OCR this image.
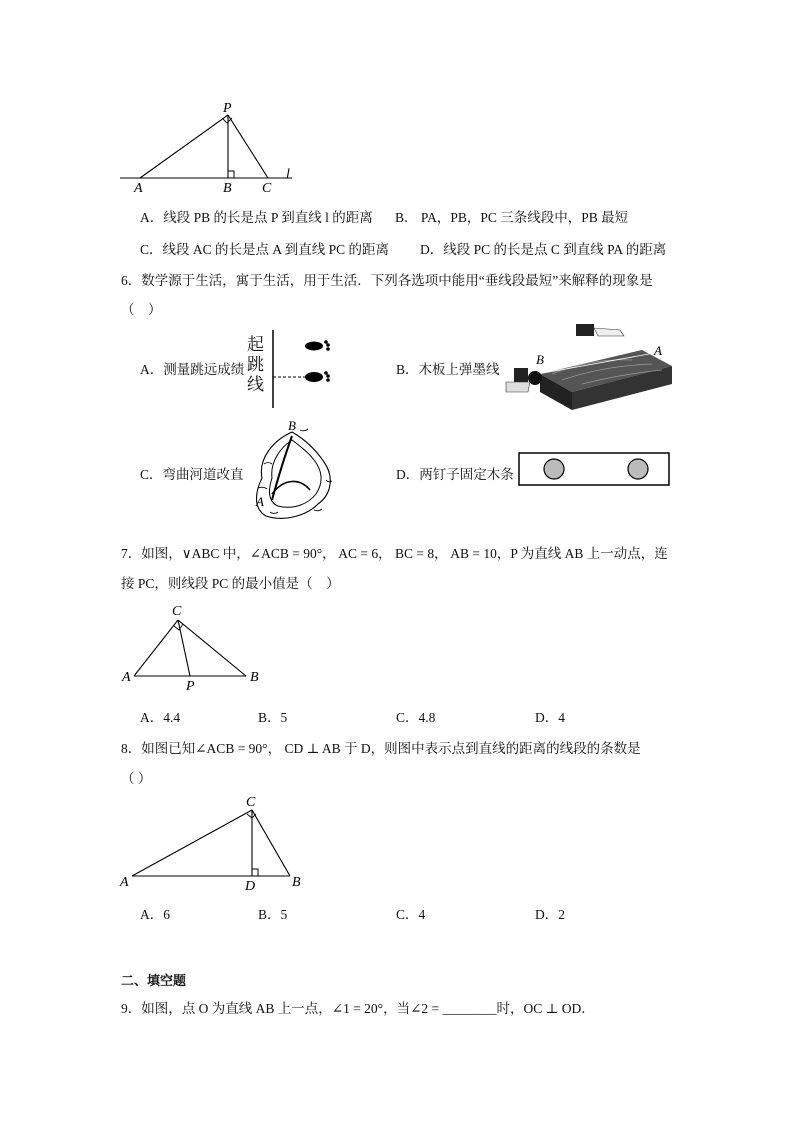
P
A	B C
l
A．线段 PB 的长是点 P 到直线 l 的距离 B． PA，PB，PC 三条线段中，PB 最短
C．线段 AC 的长是点 A 到直线 PC 的距离 D．线段 PC 的长是点 C 到直线 PA 的距离
6．数学源于生活，寓于生活，用于生活．下列各选项中能用“垂线段最短”来解释的现象是
（　）
A．测量跳远成绩
起
跳
线
B．木板上弹墨线
B
A
C．弯曲河道改直
B
A
D．两钉子固定木条
7．如图，∨ABC 中，∠ACB = 90°， AC = 6， BC = 8， AB = 10，P 为直线 AB 上一动点，连
接 PC，则线段 PC 的最小值是（　）
C
A	B
P
A．4.4	B．5	C．4.8	D．4
8．如图已知∠ACB = 90°， CD ⊥ AB 于 D，则图中表示点到直线的距离的线段的条数是
（ ）
C
A	D	B
A．6	B．5	C．4	D．2
二、填空题
9．如图，点 O 为直线 AB 上一点，∠1 = 20°，当∠2 = ________时，OC ⊥ OD．
